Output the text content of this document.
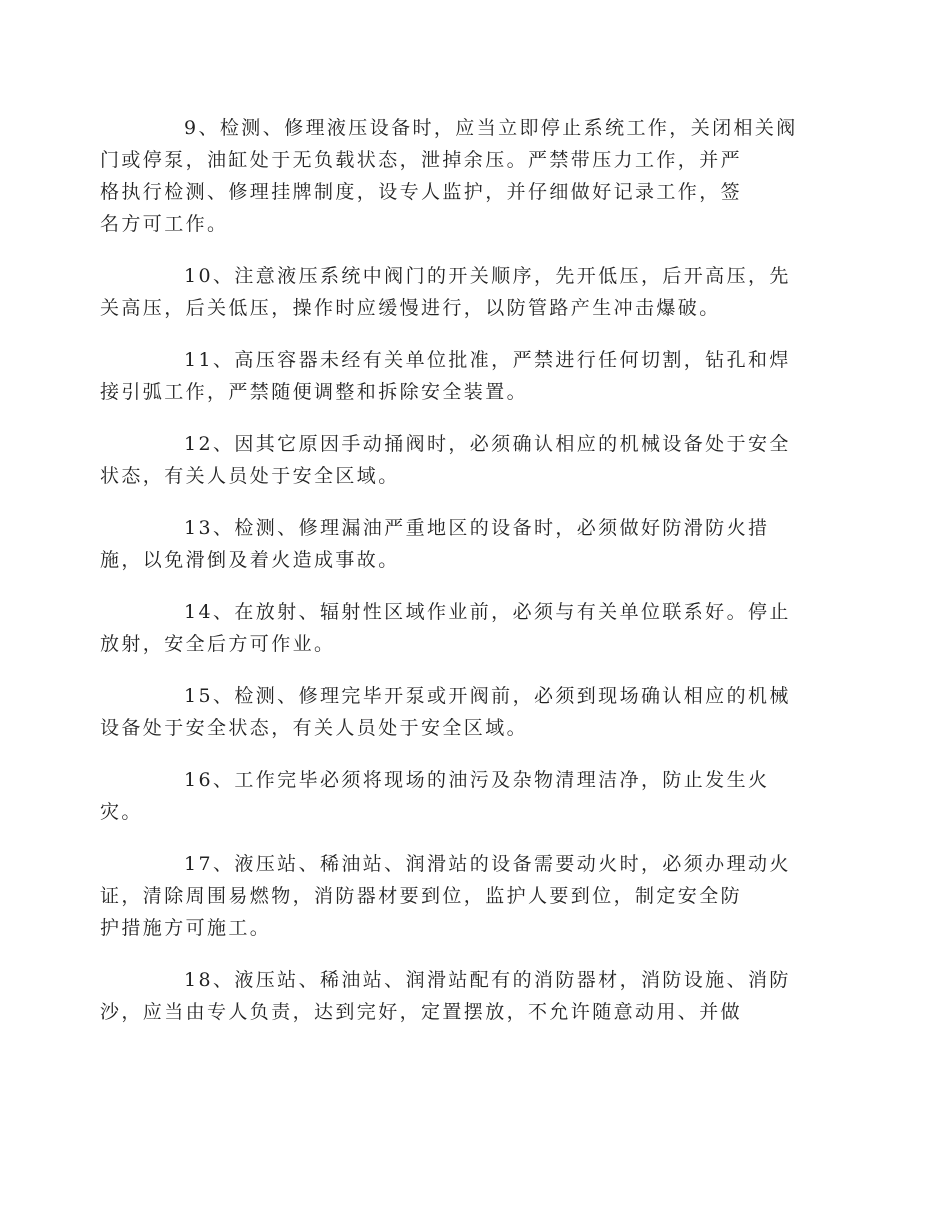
9、检测、修理液压设备时，应当立即停止系统工作，关闭相关阀
门或停泵，油缸处于无负载状态，泄掉余压。严禁带压力工作，并严
格执行检测、修理挂牌制度，设专人监护，并仔细做好记录工作，签
名方可工作。

10、注意液压系统中阀门的开关顺序，先开低压，后开高压，先
关高压，后关低压，操作时应缓慢进行，以防管路产生冲击爆破。

11、高压容器未经有关单位批准，严禁进行任何切割，钻孔和焊
接引弧工作，严禁随便调整和拆除安全装置。

12、因其它原因手动捅阀时，必须确认相应的机械设备处于安全
状态，有关人员处于安全区域。

13、检测、修理漏油严重地区的设备时，必须做好防滑防火措
施，以免滑倒及着火造成事故。

14、在放射、辐射性区域作业前，必须与有关单位联系好。停止
放射，安全后方可作业。

15、检测、修理完毕开泵或开阀前，必须到现场确认相应的机械
设备处于安全状态，有关人员处于安全区域。

16、工作完毕必须将现场的油污及杂物清理洁净，防止发生火
灾。

17、液压站、稀油站、润滑站的设备需要动火时，必须办理动火
证，清除周围易燃物，消防器材要到位，监护人要到位，制定安全防
护措施方可施工。

18、液压站、稀油站、润滑站配有的消防器材，消防设施、消防
沙，应当由专人负责，达到完好，定置摆放，不允许随意动用、并做
